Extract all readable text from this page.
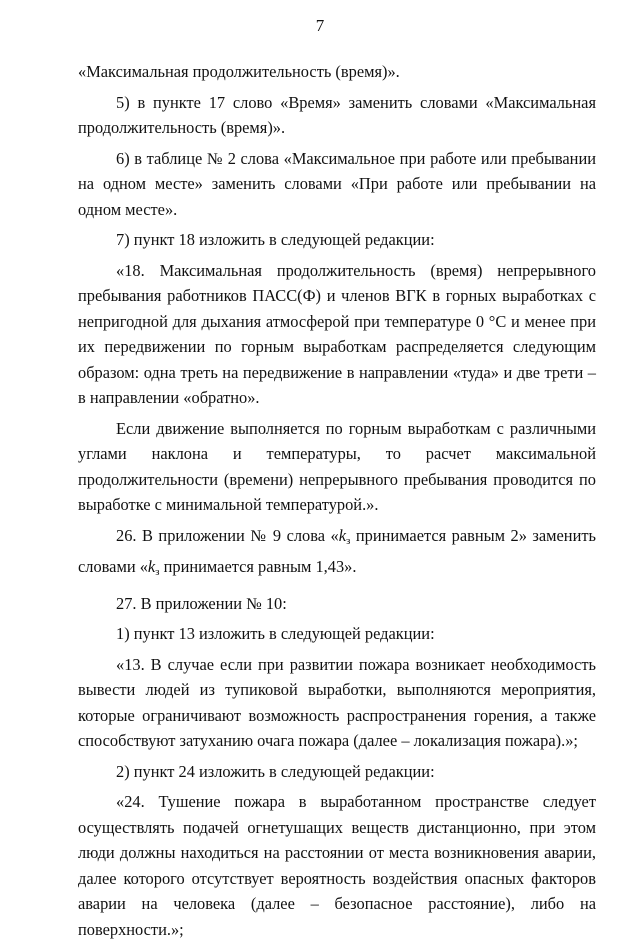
7

«Максимальная продолжительность (время)».

5) в пункте 17 слово «Время» заменить словами «Максимальная продолжительность (время)».

6) в таблице № 2 слова «Максимальное при работе или пребывании на одном месте» заменить словами «При работе или пребывании на одном месте».

7) пункт 18 изложить в следующей редакции:

«18. Максимальная продолжительность (время) непрерывного пребывания работников ПАСС(Ф) и членов ВГК в горных выработках с непригодной для дыхания атмосферой при температуре 0 °С и менее при их передвижении по горным выработкам распределяется следующим образом: одна треть на передвижение в направлении «туда» и две трети – в направлении «обратно».

Если движение выполняется по горным выработкам с различными углами наклона и температуры, то расчет максимальной продолжительности (времени) непрерывного пребывания проводится по выработке с минимальной температурой.».

26. В приложении № 9 слова «$k_з$ принимается равным 2» заменить словами «$k_з$ принимается равным 1,43».

27. В приложении № 10:

1) пункт 13 изложить в следующей редакции:

«13. В случае если при развитии пожара возникает необходимость вывести людей из тупиковой выработки, выполняются мероприятия, которые ограничивают возможность распространения горения, а также способствуют затуханию очага пожара (далее – локализация пожара).»;

2) пункт 24 изложить в следующей редакции:

«24. Тушение пожара в выработанном пространстве следует осуществлять подачей огнетушащих веществ дистанционно, при этом люди должны находиться на расстоянии от места возникновения аварии, далее которого отсутствует вероятность воздействия опасных факторов аварии на человека (далее – безопасное расстояние), либо на поверхности.»;
